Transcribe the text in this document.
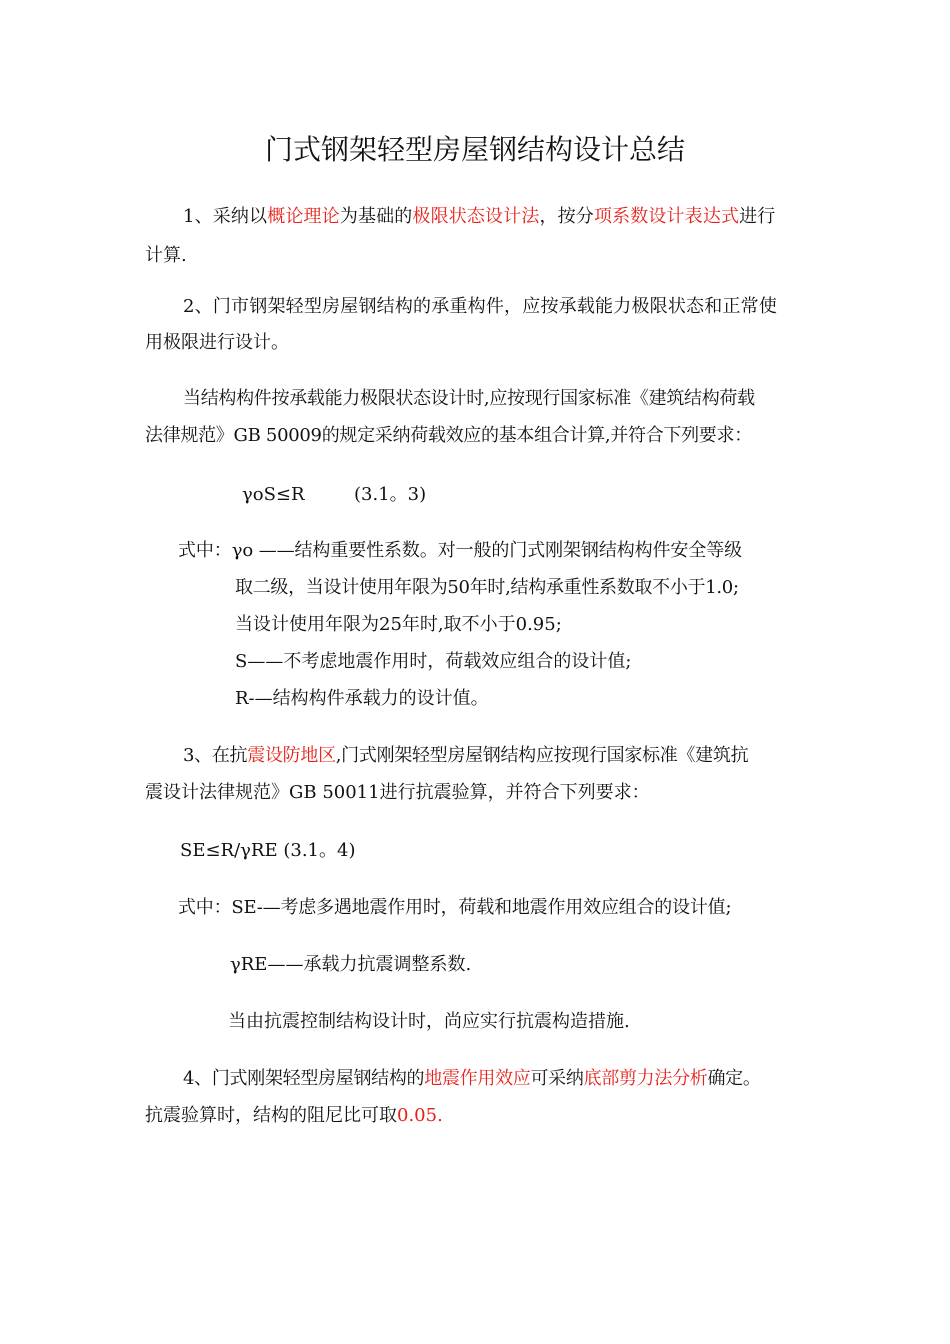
门式钢架轻型房屋钢结构设计总结
1、采纳以概论理论为基础的极限状态设计法，按分项系数设计表达式进行
计算.
2、门市钢架轻型房屋钢结构的承重构件，应按承载能力极限状态和正常使
用极限进行设计。
当结构构件按承载能力极限状态设计时,应按现行国家标准《建筑结构荷载
法律规范》GB 50009的规定采纳荷载效应的基本组合计算,并符合下列要求：
γoS≤R	(3.1。3)
式中：γo ——结构重要性系数。对一般的门式刚架钢结构构件安全等级
取二级，当设计使用年限为50年时,结构承重性系数取不小于1.0;
当设计使用年限为25年时,取不小于0.95;
S——不考虑地震作用时，荷载效应组合的设计值;
R-—结构构件承载力的设计值。
3、在抗震设防地区,门式刚架轻型房屋钢结构应按现行国家标准《建筑抗
震设计法律规范》GB 50011进行抗震验算，并符合下列要求：
SE≤R/γRE (3.1。4)
式中：SE-—考虑多遇地震作用时，荷载和地震作用效应组合的设计值;
γRE——承载力抗震调整系数.
当由抗震控制结构设计时，尚应实行抗震构造措施.
4、门式刚架轻型房屋钢结构的地震作用效应可采纳底部剪力法分析确定。
抗震验算时，结构的阻尼比可取0.05.
